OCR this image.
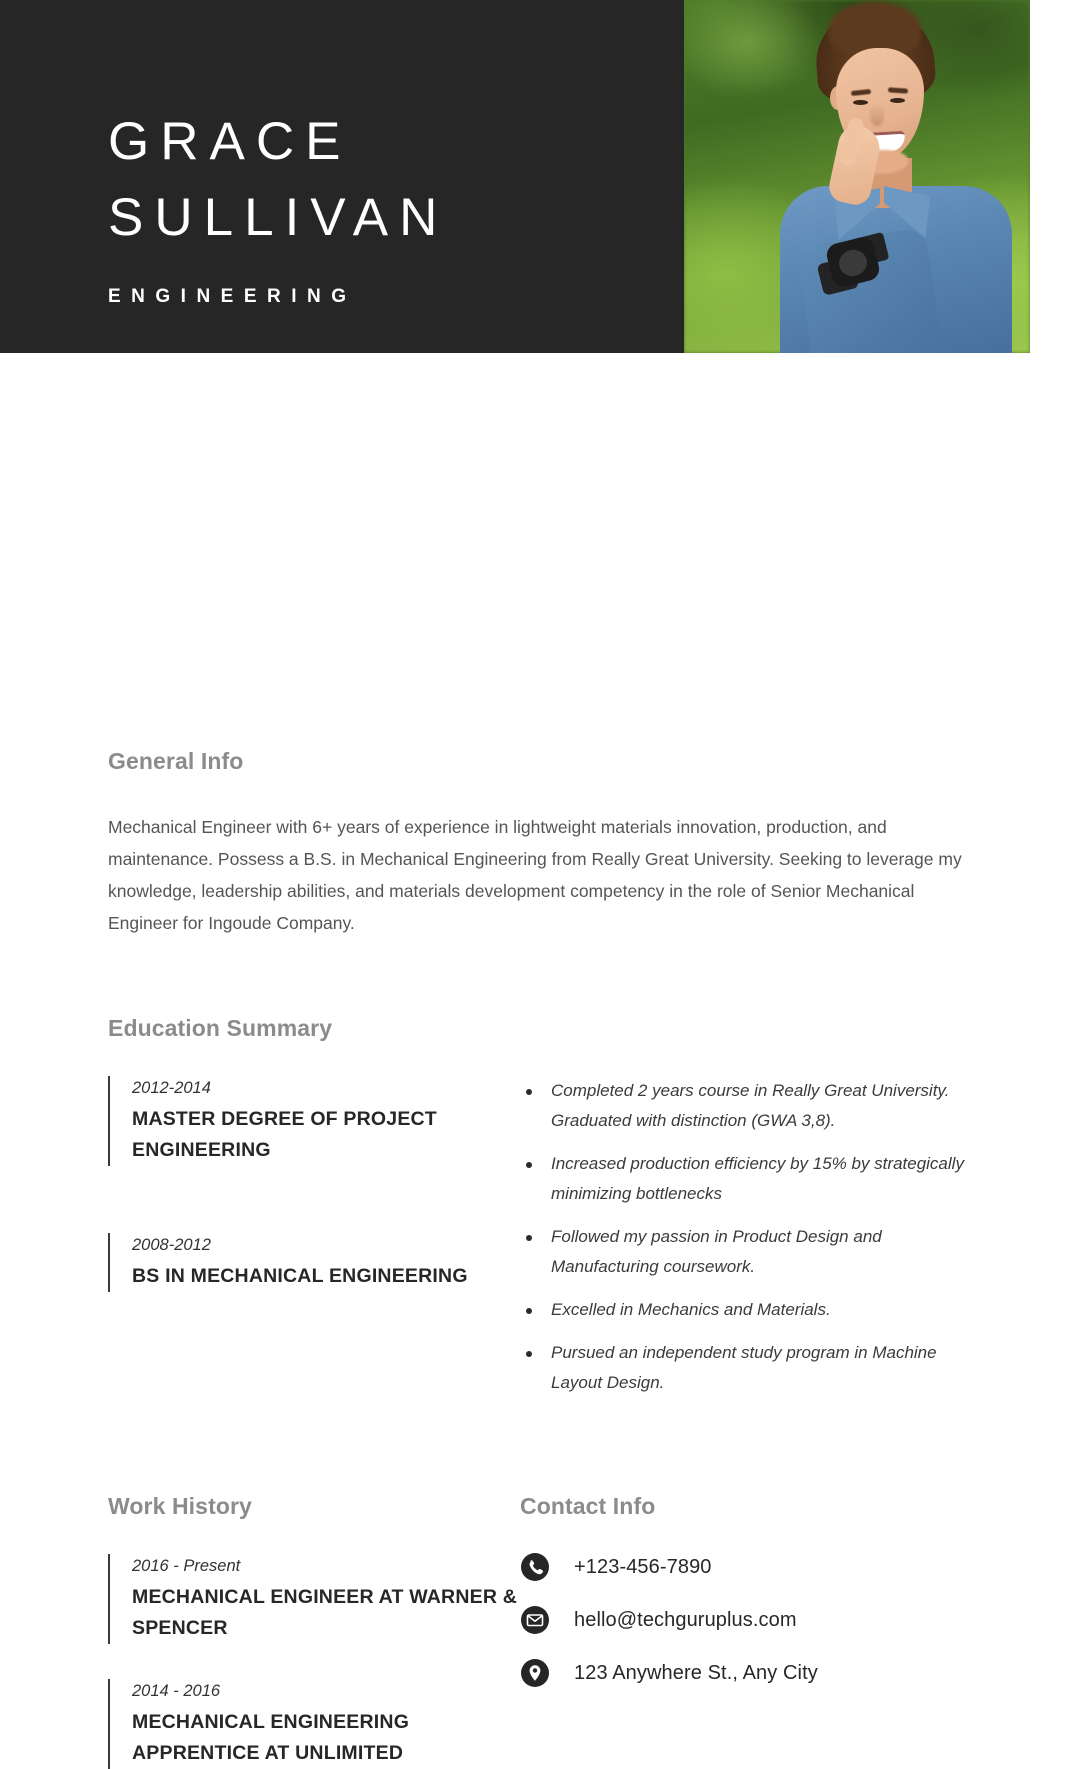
GRACE
SULLIVAN
ENGINEERING
General Info

Mechanical Engineer with 6+ years of experience in lightweight materials innovation, production, and maintenance. Possess a B.S. in Mechanical Engineering from Really Great University. Seeking to leverage my knowledge, leadership abilities, and materials development competency in the role of Senior Mechanical Engineer for Ingoude Company.

Education Summary
2012-2014
MASTER DEGREE OF PROJECT ENGINEERING
2008-2012
BS IN MECHANICAL ENGINEERING
Completed 2 years course in Really Great University. Graduated with distinction (GWA 3,8).
Increased production efficiency by 15% by strategically minimizing bottlenecks
Followed my passion in Product Design and Manufacturing coursework.
Excelled in Mechanics and Materials.
Pursued an independent study program in Machine Layout Design.
Work History
2016 - Present
MECHANICAL ENGINEER AT WARNER & SPENCER
2014 - 2016
MECHANICAL ENGINEERING APPRENTICE AT UNLIMITED
Contact Info
+123-456-7890
hello@techguruplus.com
123 Anywhere St., Any City
